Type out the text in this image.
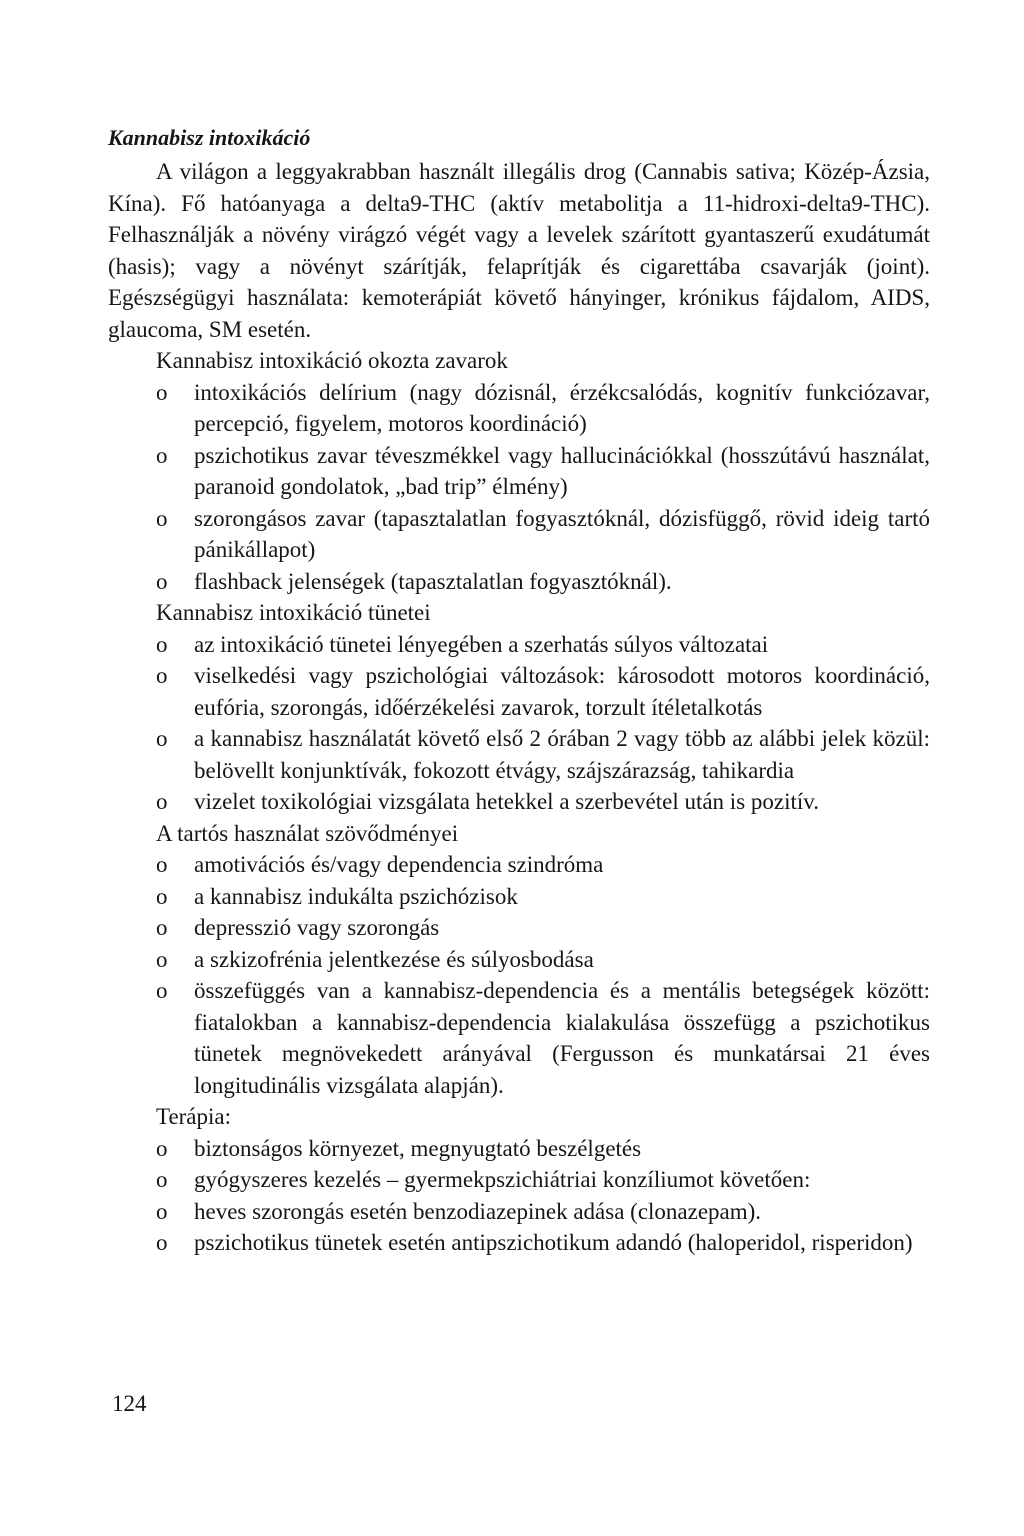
Kannabisz intoxikáció

A világon a leggyakrabban használt illegális drog (Cannabis sativa; Közép-Ázsia, Kína). Fő hatóanyaga a delta9-THC (aktív metabolitja a 11-hidroxi-delta9-THC). Felhasználják a növény virágzó végét vagy a levelek szárított gyantaszerű exudátumát (hasis); vagy a növényt szárítják, felaprítják és cigarettába csavarják (joint). Egészségügyi használata: kemoterápiát követő hányinger, krónikus fájdalom, AIDS, glaucoma, SM esetén.

Kannabisz intoxikáció okozta zavarok

o intoxikációs delírium (nagy dózisnál, érzékcsalódás, kognitív funkciózavar, percepció, figyelem, motoros koordináció)
o pszichotikus zavar téveszmékkel vagy hallucinációkkal (hosszútávú használat, paranoid gondolatok, „bad trip” élmény)
o szorongásos zavar (tapasztalatlan fogyasztóknál, dózisfüggő, rövid ideig tartó pánikállapot)
o flashback jelenségek (tapasztalatlan fogyasztóknál).

Kannabisz intoxikáció tünetei

o az intoxikáció tünetei lényegében a szerhatás súlyos változatai
o viselkedési vagy pszichológiai változások: károsodott motoros koordináció, eufória, szorongás, időérzékelési zavarok, torzult ítéletalkotás
o a kannabisz használatát követő első 2 órában 2 vagy több az alábbi jelek közül: belövellt konjunktívák, fokozott étvágy, szájszárazság, tahikardia
o vizelet toxikológiai vizsgálata hetekkel a szerbevétel után is pozitív.

A tartós használat szövődményei

o amotivációs és/vagy dependencia szindróma
o a kannabisz indukálta pszichózisok
o depresszió vagy szorongás
o a szkizofrénia jelentkezése és súlyosbodása
o összefüggés van a kannabisz-dependencia és a mentális betegségek között: fiatalokban a kannabisz-dependencia kialakulása összefügg a pszichotikus tünetek megnövekedett arányával (Fergusson és munkatársai 21 éves longitudinális vizsgálata alapján).

Terápia:

o biztonságos környezet, megnyugtató beszélgetés
o gyógyszeres kezelés – gyermekpszichiátriai konzíliumot követően:
o heves szorongás esetén benzodiazepinek adása (clonazepam).
o pszichotikus tünetek esetén antipszichotikum adandó (haloperidol, risperidon)
124
